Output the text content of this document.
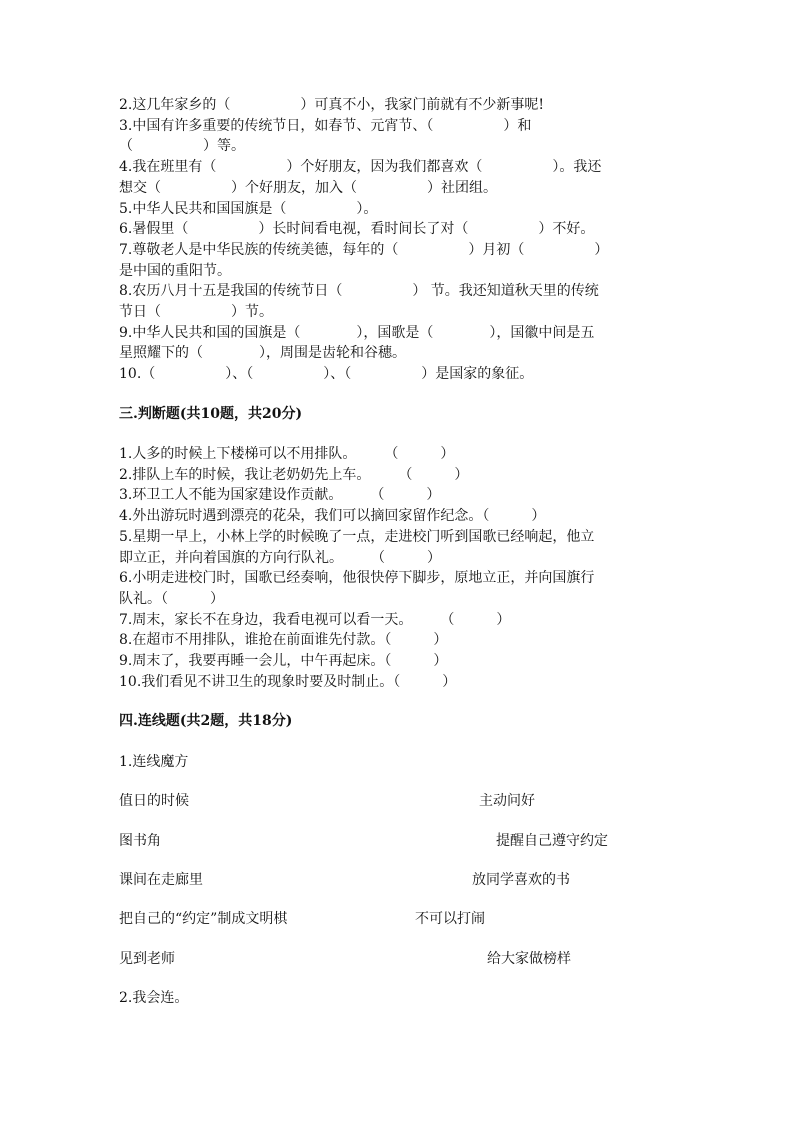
2.这几年家乡的（　　　　　）可真不小，我家门前就有不少新事呢!

3.中国有许多重要的传统节日，如春节、元宵节、（　　　　　）和

（　　　　　）等。

4.我在班里有（　　　　　）个好朋友，因为我们都喜欢（　　　　　）。我还

想交（　　　　　）个好朋友，加入（　　　　　）社团组。

5.中华人民共和国国旗是（　　　　　）。

6.暑假里（　　　　　）长时间看电视，看时间长了对（　　　　　）不好。

7.尊敬老人是中华民族的传统美德，每年的（　　　　　）月初（　　　　　）

是中国的重阳节。

8.农历八月十五是我国的传统节日（　　　　　） 节。我还知道秋天里的传统

节日（　　　　　）节。

9.中华人民共和国的国旗是（　　　　），国歌是（　　　　），国徽中间是五

星照耀下的（　　　　），周围是齿轮和谷穗。

10.（　　　　　）、（　　　　　）、（　　　　　）是国家的象征。

三.判断题(共10题，共20分)

1.人多的时候上下楼梯可以不用排队。　　　（　　　）

2.排队上车的时候，我让老奶奶先上车。　　　（　　　）

3.环卫工人不能为国家建设作贡献。　　　（　　　）

4.外出游玩时遇到漂亮的花朵，我们可以摘回家留作纪念。（　　　）

5.星期一早上，小林上学的时候晚了一点，走进校门听到国歌已经响起，他立

即立正，并向着国旗的方向行队礼。　　　（　　　）

6.小明走进校门时，国歌已经奏响，他很快停下脚步，原地立正，并向国旗行

队礼。（　　　）

7.周末，家长不在身边，我看电视可以看一天。　　　（　　　）

8.在超市不用排队，谁抢在前面谁先付款。（　　　）

9.周末了，我要再睡一会儿，中午再起床。（　　　）

10.我们看见不讲卫生的现象时要及时制止。（　　　）

四.连线题(共2题，共18分)
1.连线魔方
值日的时候	主动问好
图书角	提醒自己遵守约定
课间在走廊里	放同学喜欢的书
把自己的“约定”制成文明棋	不可以打闹
见到老师	给大家做榜样
2.我会连。
